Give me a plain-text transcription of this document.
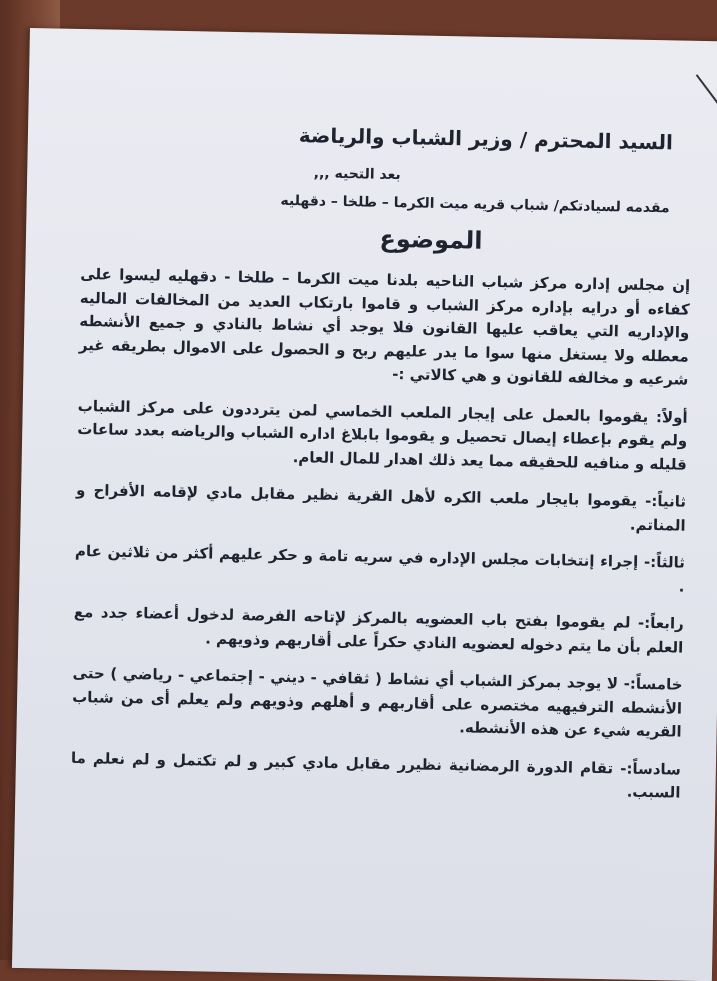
السيد المحترم / وزير الشباب والرياضة
بعد التحيه ,,,
مقدمه لسيادتكم/ شباب قريه ميت الكرما – طلخا – دقهليه
الموضوع

إن مجلس إداره مركز شباب الناحيه بلدنا ميت الكرما – طلخا - دقهليه ليسوا على كفاءه أو درايه بإداره مركز الشباب و قاموا بارتكاب العديد من المخالفات الماليه والإداريه التي يعاقب عليها القانون فلا يوجد أي نشاط بالنادي و جميع الأنشطه معطله ولا يستغل منها سوا ما يدر عليهم ربح و الحصول على الاموال بطريقه غير شرعيه و مخالفه للقانون و هي كالاتي :-

أولاً: يقوموا بالعمل على إيجار الملعب الخماسي لمن يترددون على مركز الشباب ولم يقوم بإعطاء إيصال تحصيل و يقوموا بابلاغ اداره الشباب والرياضه بعدد ساعات قليله و منافيه للحقيقه مما يعد ذلك اهدار للمال العام.

ثانياً:- يقوموا بايجار ملعب الكره لأهل القرية نظير مقابل مادي لإقامه الأفراح و المناتم.

ثالثاً:- إجراء إنتخابات مجلس الإداره في سريه تامة و حكر عليهم أكثر من ثلاثين عام .

رابعاً:- لم يقوموا بفتح باب العضويه بالمركز لإتاحه الفرصة لدخول أعضاء جدد مع العلم بأن ما يتم دخوله لعضويه النادي حكراً على أقاربهم وذويهم .

خامساً:- لا يوجد بمركز الشباب أي نشاط ( ثقافي - ديني - إجتماعي - رياضي ) حتى الأنشطه الترفيهيه مختصره على أقاربهم و أهلهم وذويهم ولم يعلم أى من شباب القريه شيء عن هذه الأنشطه.

سادساً:- تقام الدورة الرمضانية نظيرر مقابل مادي كبير و لم تكتمل و لم نعلم ما السبب.
